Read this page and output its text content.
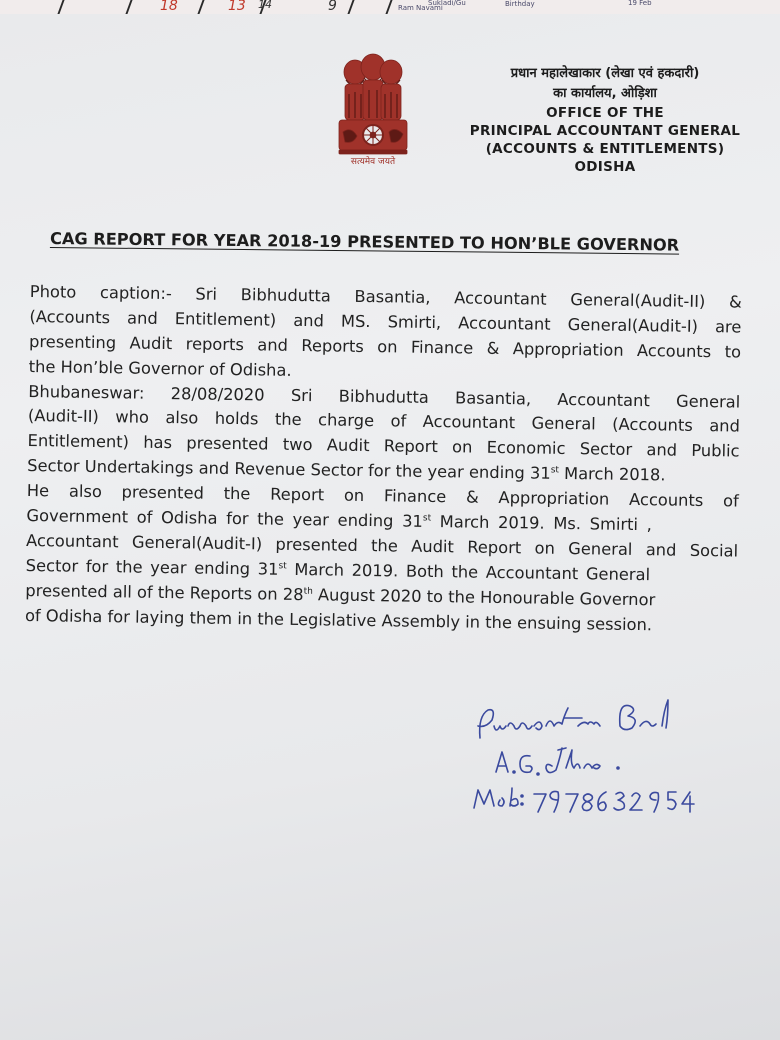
18	13 14	9	Ram Navami
Sukladi/Gu	Birthday	19 Feb
सत्यमेव जयते
प्रधान महालेखाकार (लेखा एवं हकदारी)
का कार्यालय, ओड़िशा
OFFICE OF THE
PRINCIPAL ACCOUNTANT GENERAL
(ACCOUNTS & ENTITLEMENTS)
ODISHA
CAG REPORT FOR YEAR 2018-19 PRESENTED TO HON’BLE GOVERNOR
Photo caption:- Sri Bibhudutta Basantia, Accountant General(Audit-II) &
(Accounts and Entitlement) and MS. Smirti, Accountant General(Audit-I) are
presenting Audit reports and Reports on Finance & Appropriation Accounts to
the Hon’ble Governor of Odisha.
Bhubaneswar: 28/08/2020 Sri Bibhudutta Basantia, Accountant General
(Audit-II) who also holds the charge of Accountant General (Accounts and
Entitlement) has presented two Audit Report on Economic Sector and Public
Sector Undertakings and Revenue Sector for the year ending 31st March 2018.
He also presented the Report on Finance & Appropriation Accounts of
Government of Odisha for the year ending 31st March 2019. Ms. Smirti ,
Accountant General(Audit-I) presented the Audit Report on General and Social
Sector for the year ending 31st March 2019. Both the Accountant General
presented all of the Reports on 28th August 2020 to the Honourable Governor
of Odisha for laying them in the Legislative Assembly in the ensuing session.
